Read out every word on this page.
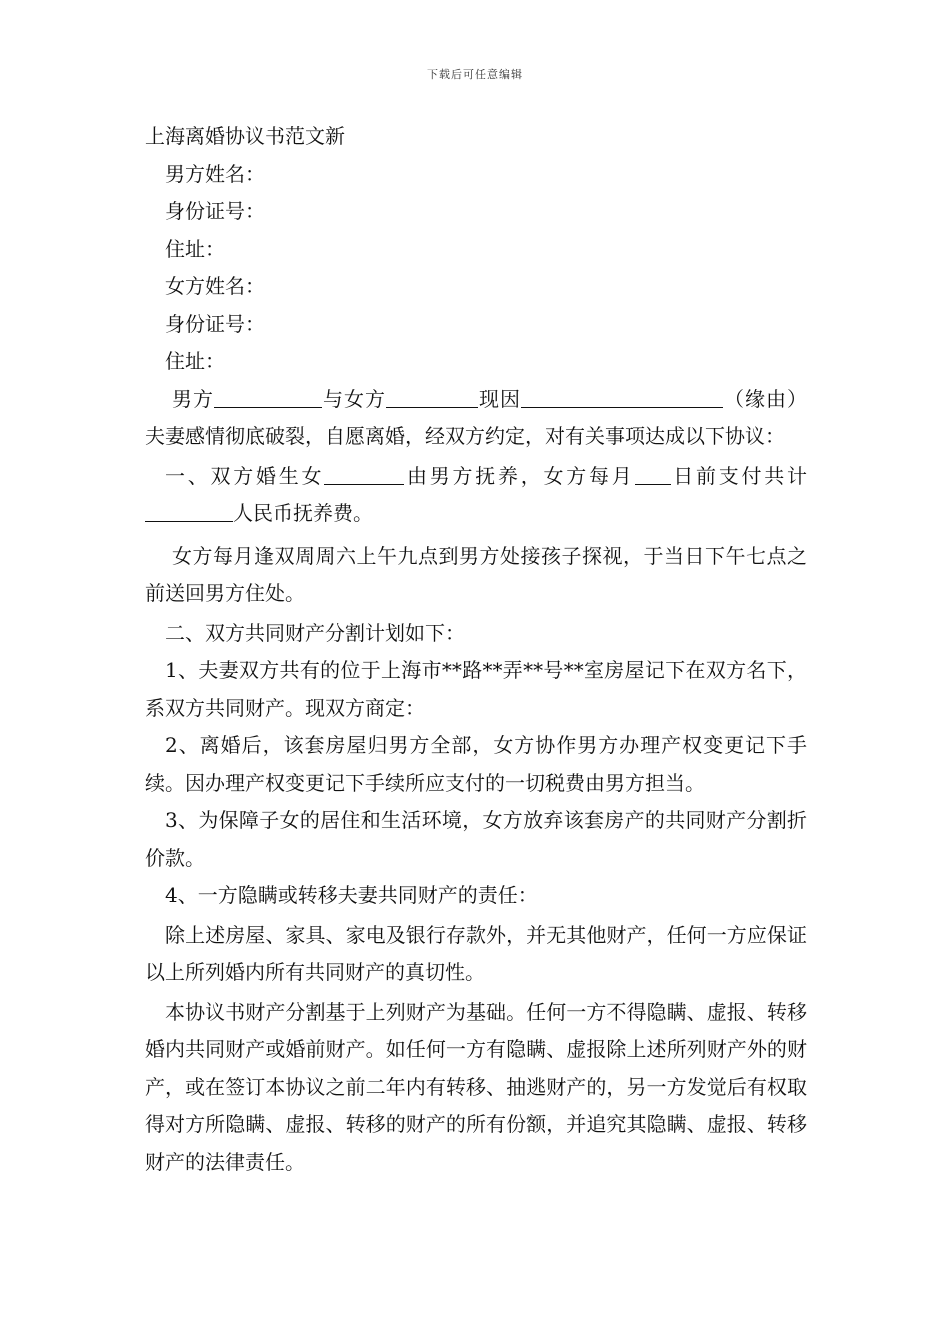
下载后可任意编辑

上海离婚协议书范文新

男方姓名：

身份证号：

住址：

女方姓名：

身份证号：

住址：

男方	与女方	现因	（缘由）夫妻感情彻底破裂，自愿离婚，经双方约定，对有关事项达成以下协议：

一、双方婚生女	由男方抚养，女方每月 日前支付共计人民币抚养费。

女方每月逢双周周六上午九点到男方处接孩子探视，于当日下午七点之前送回男方住处。

二、双方共同财产分割计划如下：

1、夫妻双方共有的位于上海市**路**弄**号**室房屋记下在双方名下，系双方共同财产。现双方商定：

2、离婚后，该套房屋归男方全部，女方协作男方办理产权变更记下手续。因办理产权变更记下手续所应支付的一切税费由男方担当。

3、为保障子女的居住和生活环境，女方放弃该套房产的共同财产分割折价款。

4、一方隐瞒或转移夫妻共同财产的责任：

除上述房屋、家具、家电及银行存款外，并无其他财产，任何一方应保证以上所列婚内所有共同财产的真切性。

本协议书财产分割基于上列财产为基础。任何一方不得隐瞒、虚报、转移婚内共同财产或婚前财产。如任何一方有隐瞒、虚报除上述所列财产外的财产，或在签订本协议之前二年内有转移、抽逃财产的，另一方发觉后有权取得对方所隐瞒、虚报、转移的财产的所有份额，并追究其隐瞒、虚报、转移财产的法律责任。
